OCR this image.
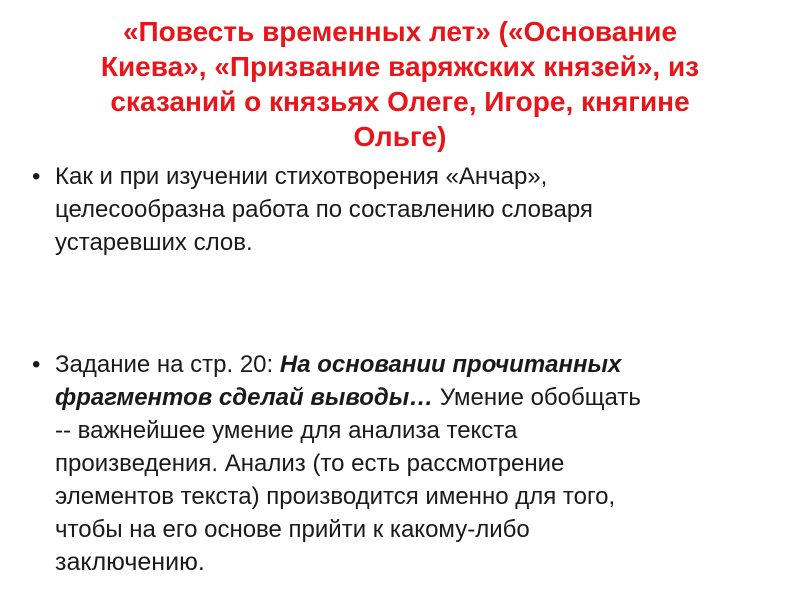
«Повесть временных лет» («Основание
Киева», «Призвание варяжских князей», из
сказаний о князьях Олеге, Игоре, княгине
Ольге)
• Как и при изучении стихотворения «Анчар»,
целесообразна работа по составлению словаря
устаревших слов.
• Задание на стр. 20: На основании прочитанных
фрагментов сделай выводы… Умение обобщать
-- важнейшее умение для анализа текста
произведения. Анализ (то есть рассмотрение
элементов текста) производится именно для того,
чтобы на его основе прийти к какому-либо
заключению.
